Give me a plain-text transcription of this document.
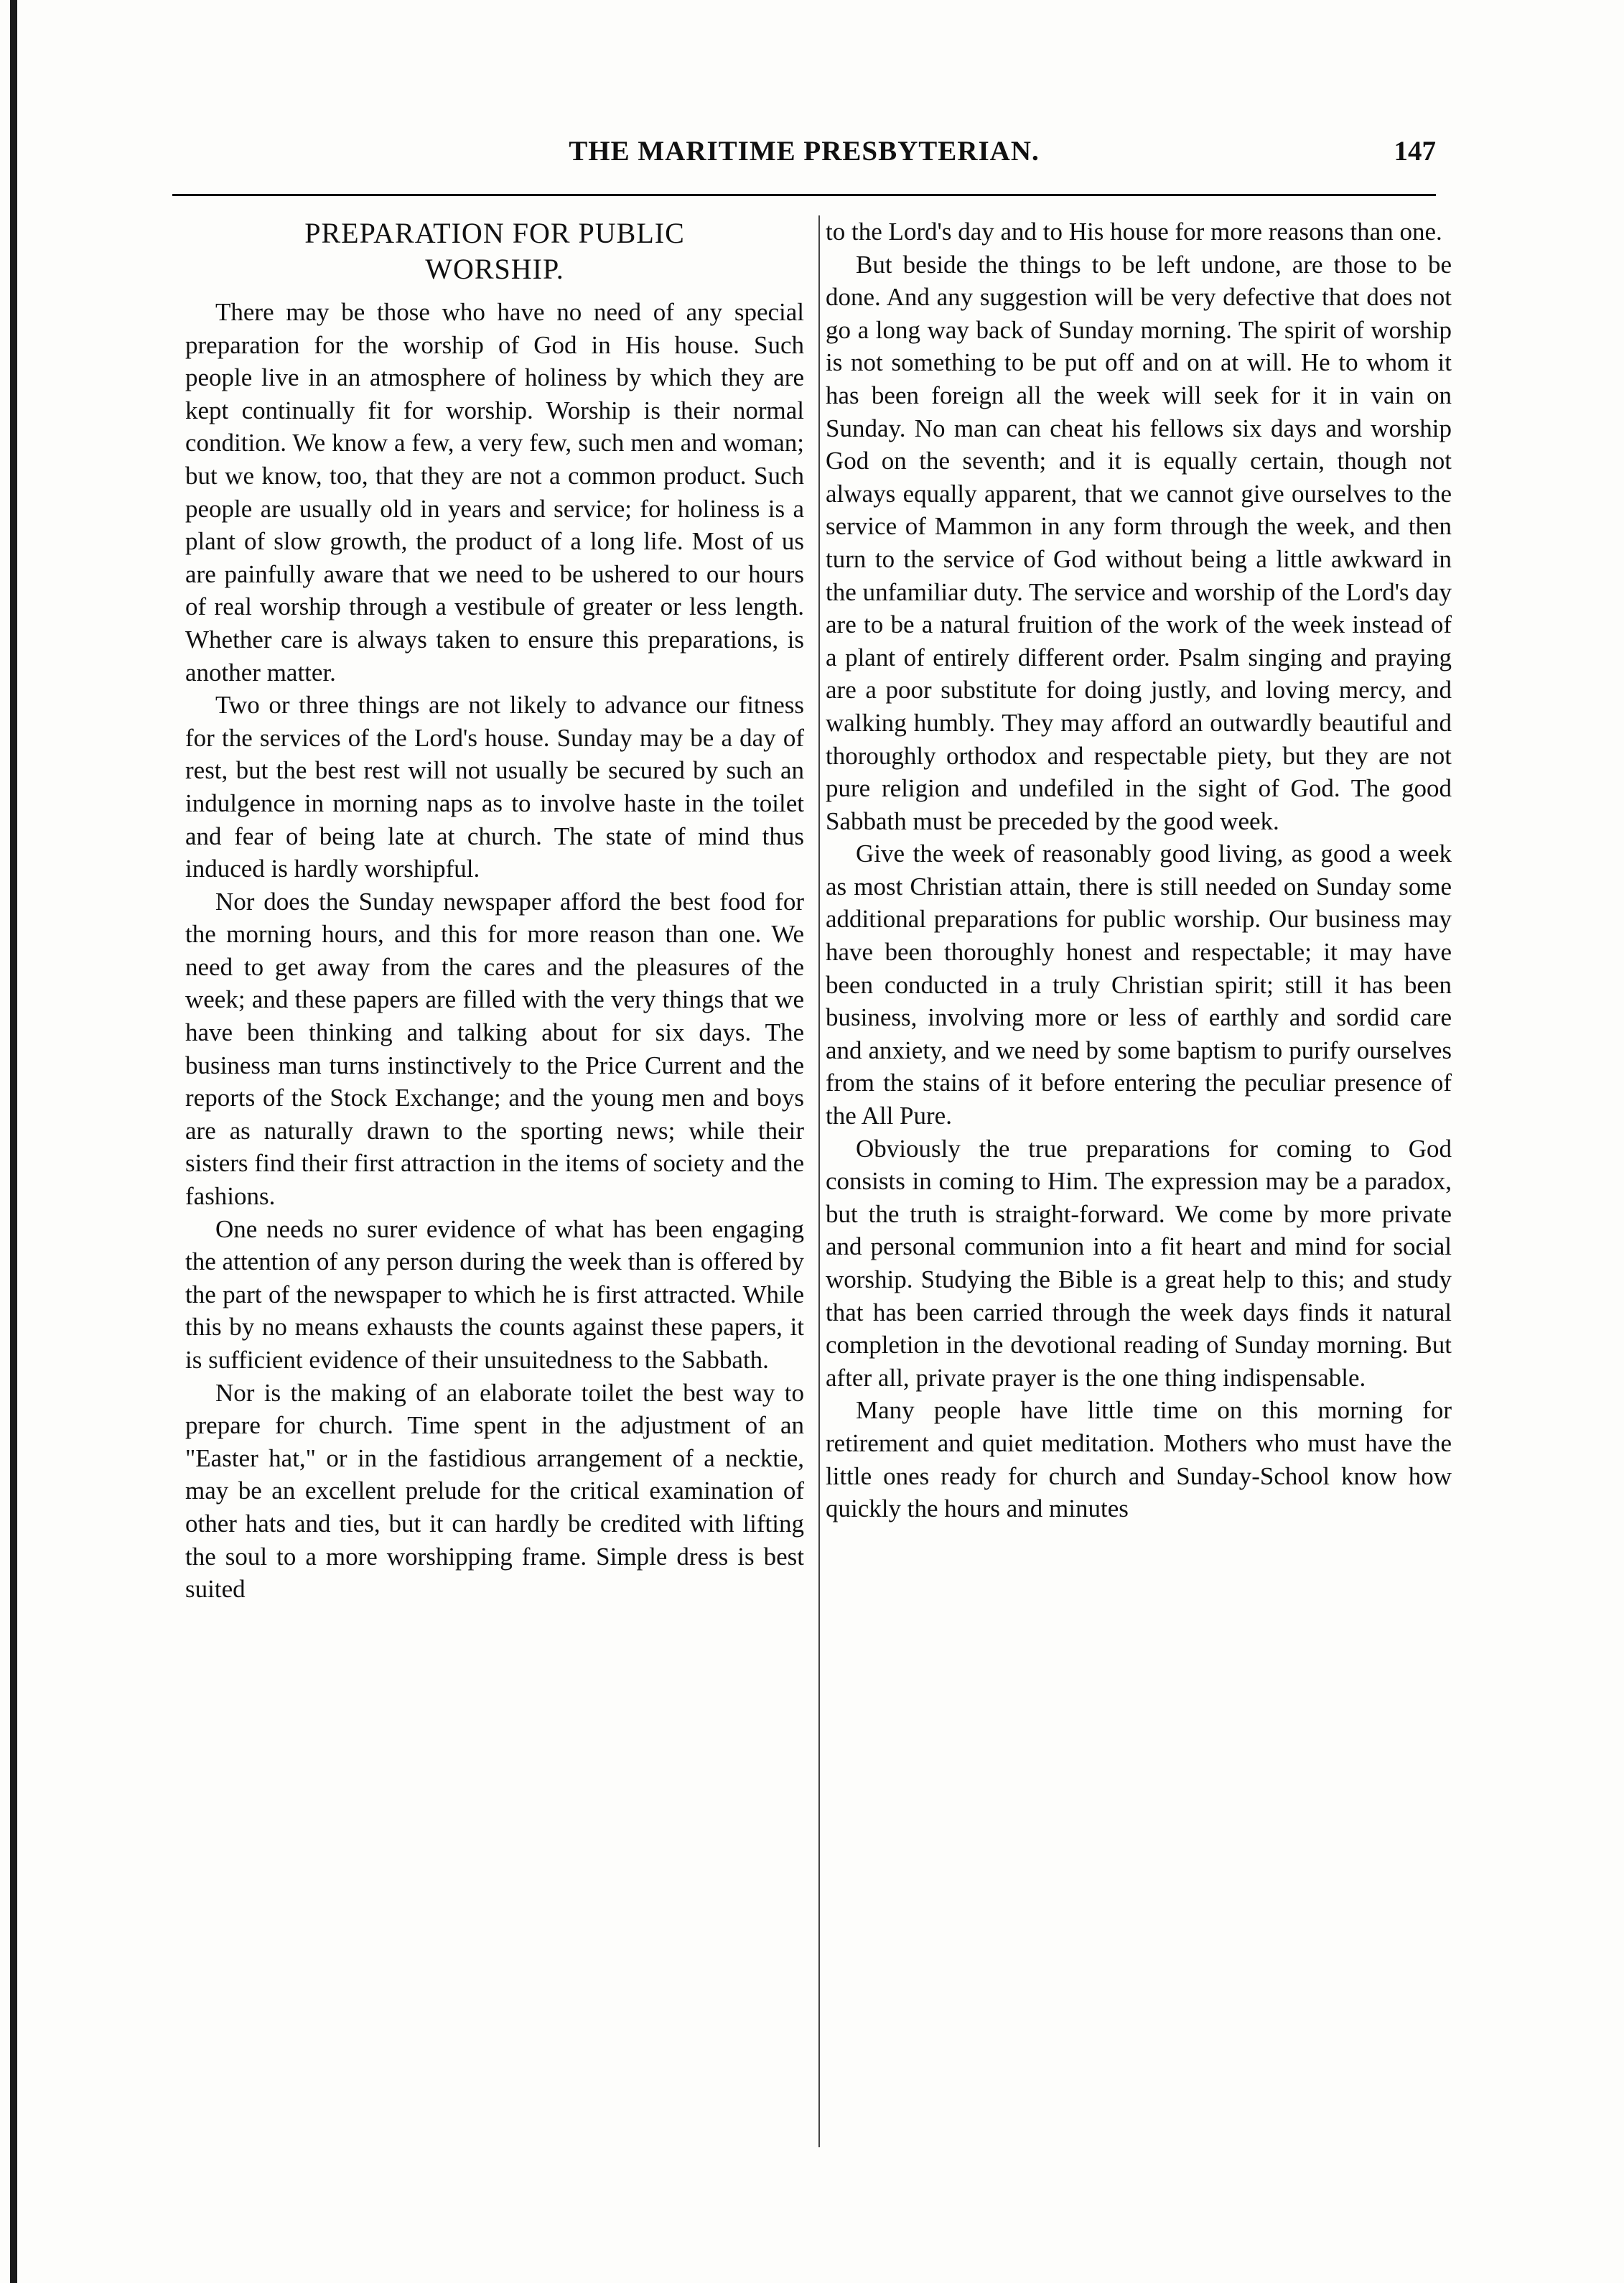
THE MARITIME PRESBYTERIAN.	147
PREPARATION FOR PUBLIC
WORSHIP.

There may be those who have no need of any special preparation for the worship of God in His house. Such people live in an atmosphere of holiness by which they are kept continually fit for worship. Worship is their normal condition. We know a few, a very few, such men and woman; but we know, too, that they are not a common product. Such people are usually old in years and service; for holiness is a plant of slow growth, the product of a long life. Most of us are painfully aware that we need to be ushered to our hours of real worship through a vestibule of greater or less length. Whether care is always taken to ensure this preparations, is another matter.

Two or three things are not likely to advance our fitness for the services of the Lord's house. Sunday may be a day of rest, but the best rest will not usually be secured by such an indulgence in morning naps as to involve haste in the toilet and fear of being late at church. The state of mind thus induced is hardly worshipful.

Nor does the Sunday newspaper afford the best food for the morning hours, and this for more reason than one. We need to get away from the cares and the pleasures of the week; and these papers are filled with the very things that we have been thinking and talking about for six days. The business man turns instinctively to the Price Current and the reports of the Stock Exchange; and the young men and boys are as naturally drawn to the sporting news; while their sisters find their first attraction in the items of society and the fashions.

One needs no surer evidence of what has been engaging the attention of any person during the week than is offered by the part of the newspaper to which he is first attracted. While this by no means exhausts the counts against these papers, it is sufficient evidence of their unsuitedness to the Sabbath.

Nor is the making of an elaborate toilet the best way to prepare for church. Time spent in the adjustment of an "Easter hat," or in the fastidious arrangement of a necktie, may be an excellent prelude for the critical examination of other hats and ties, but it can hardly be credited with lifting the soul to a more worshipping frame. Simple dress is best suited

to the Lord's day and to His house for more reasons than one.

But beside the things to be left undone, are those to be done. And any suggestion will be very defective that does not go a long way back of Sunday morning. The spirit of worship is not something to be put off and on at will. He to whom it has been foreign all the week will seek for it in vain on Sunday. No man can cheat his fellows six days and worship God on the seventh; and it is equally certain, though not always equally apparent, that we cannot give ourselves to the service of Mammon in any form through the week, and then turn to the service of God without being a little awkward in the unfamiliar duty. The service and worship of the Lord's day are to be a natural fruition of the work of the week instead of a plant of entirely different order. Psalm singing and praying are a poor substitute for doing justly, and loving mercy, and walking humbly. They may afford an outwardly beautiful and thoroughly orthodox and respectable piety, but they are not pure religion and undefiled in the sight of God. The good Sabbath must be preceded by the good week.

Give the week of reasonably good living, as good a week as most Christian attain, there is still needed on Sunday some additional preparations for public worship. Our business may have been thoroughly honest and respectable; it may have been conducted in a truly Christian spirit; still it has been business, involving more or less of earthly and sordid care and anxiety, and we need by some baptism to purify ourselves from the stains of it before entering the peculiar presence of the All Pure.

Obviously the true preparations for coming to God consists in coming to Him. The expression may be a paradox, but the truth is straight-forward. We come by more private and personal communion into a fit heart and mind for social worship. Studying the Bible is a great help to this; and study that has been carried through the week days finds it natural completion in the devotional reading of Sunday morning. But after all, private prayer is the one thing indispensable.

Many people have little time on this morning for retirement and quiet meditation. Mothers who must have the little ones ready for church and Sunday-School know how quickly the hours and minutes
